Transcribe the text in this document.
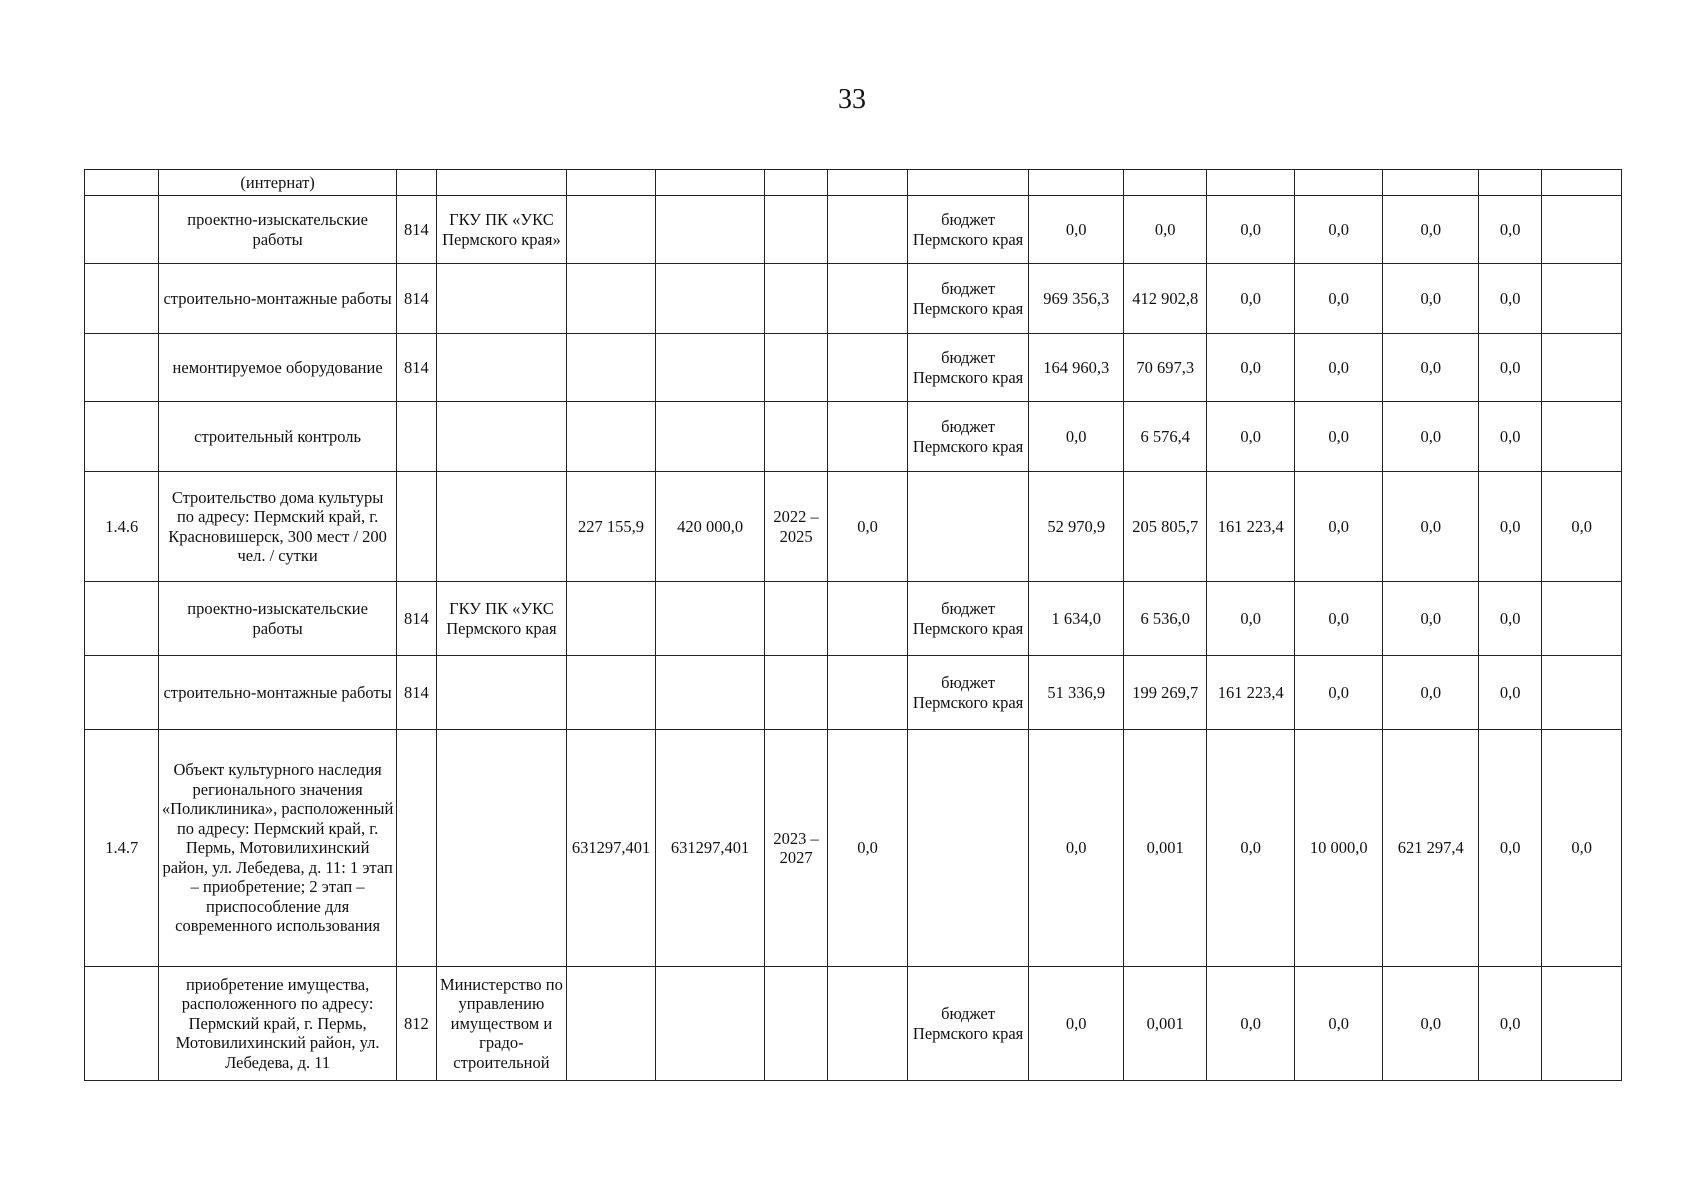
33
	(интернат)														
	проектно-изыскательские работы	814	ГКУ ПК «УКС Пермского края»					бюджет Пермского края	0,0	0,0	0,0	0,0	0,0	0,0	
	строительно-монтажные работы	814						бюджет Пермского края	969 356,3	412 902,8	0,0	0,0	0,0	0,0	
	немонтируемое оборудование	814						бюджет Пермского края	164 960,3	70 697,3	0,0	0,0	0,0	0,0	
	строительный контроль							бюджет Пермского края	0,0	6 576,4	0,0	0,0	0,0	0,0	
1.4.6	Строительство дома культуры по адресу: Пермский край, г. Красновишерск, 300 мест / 200 чел. / сутки			227 155,9	420 000,0	2022 – 2025	0,0		52 970,9	205 805,7	161 223,4	0,0	0,0	0,0	0,0
	проектно-изыскательские работы	814	ГКУ ПК «УКС Пермского края					бюджет Пермского края	1 634,0	6 536,0	0,0	0,0	0,0	0,0	
	строительно-монтажные работы	814						бюджет Пермского края	51 336,9	199 269,7	161 223,4	0,0	0,0	0,0	
1.4.7	Объект культурного наследия регионального значения «Поликлиника», расположенный по адресу: Пермский край, г. Пермь, Мотовилихинский район, ул. Лебедева, д. 11: 1 этап – приобретение; 2 этап – приспособление для современного использования			631297,401	631297,401	2023 – 2027	0,0		0,0	0,001	0,0	10 000,0	621 297,4	0,0	0,0
	приобретение имущества, расположенного по адресу: Пермский край, г. Пермь, Мотовилихинский район, ул. Лебедева, д. 11	812	Министерство по управлению имуществом и градо-строительной					бюджет Пермского края	0,0	0,001	0,0	0,0	0,0	0,0	
